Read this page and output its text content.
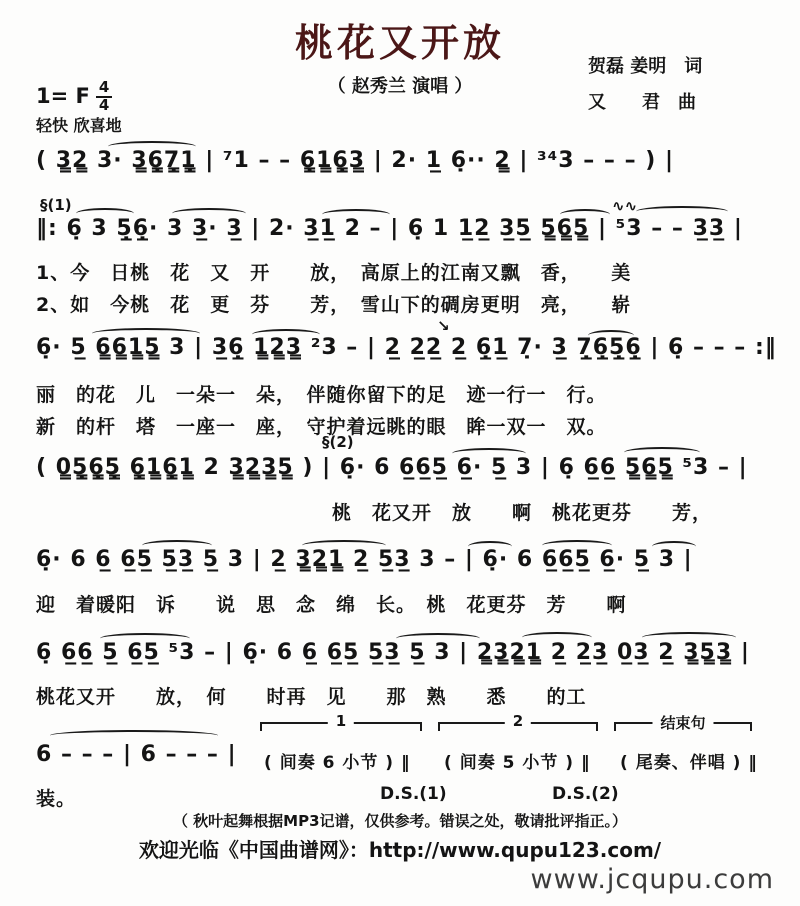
桃花又开放
（ 赵秀兰 演唱 ）
贺磊 姜明　词
又　　君　曲
1= F $\frac{4}{4}$
轻快 欣喜地
( 3̳2̳ 3· 3̳6̳̣7̳̣1̳̣ | ⁷1 – – 6̳̣1̳6̳̣3̳ | 2· 1̲ 6̣·· 2̳ | ³⁴3 – – – ) |
§(1)	∿∿
‖: 6̣ 3 5̲̣6̲̣· 3 3̲· 3̲ | 2· 3̲1̲ 2 – | 6̣ 1 1̲2̲ 3̲5̲ 5̳6̳5̳ | ⁵3 – – 3̲3̲ |
1、今　日桃　花　又　开　　放，　高原上的江南又飘　香，　　美
2、如　今桃　花　更　芬　　芳，　雪山下的碉房更明　亮，　　崭
↘
6̣· 5̲ 6̳6̳1̳5̳ 3 | 3̲6̲̣ 1̳2̳3̳ ²3 – | 2̲ 2̲2̲ 2̲ 6̲̣1̲ 7̣· 3̲ 7̲̣6̲̣5̲̣6̲̣ | 6̣ – – – :‖
丽　的花　儿　一朵一　朵，　伴随你留下的足　迹一行一　行。
新　的杆　塔　一座一　座，　守护着远眺的眼　眸一双一　双。
§(2)
( 0̳5̳̣6̳̣5̳̣ 6̳̣1̳6̳̣1̳ 2 3̳2̳3̳5̳ ) | 6̣· 6 6̲6̲5̲ 6̲· 5̲ 3 | 6̣ 6̲6̲ 5̳6̳5̳ ⁵3 – |
桃　花又开　放　　啊　桃花更芬　　芳，
6̣· 6 6̲ 6̲5̲ 5̲3̲ 5̲ 3 | 2̲ 3̳2̳1̳ 2̲ 5̲3̲ 3 – | 6̣· 6 6̲6̲5̲ 6̲· 5̲ 3 |
迎　着暖阳　诉　　说　思　念　绵　长。　桃　花更芬　芳　　啊
6̣ 6̲6̲ 5̲ 6̲5̲ ⁵3 – | 6̣· 6 6̲ 6̲5̲ 5̲3̲ 5̲ 3 | 2̳3̳2̳1̳ 2̲ 2̲3̲ 0̲3̲ 2̲ 3̳5̳3̳ |
桃花又开　　放，　何　　时再　见　　那　熟　　悉　　的工
1	2	结束句
6 – – – | 6 – – – | ( 间奏 6 小节 ) ‖ ( 间奏 5 小节 ) ‖ ( 尾奏、伴唱 ) ‖
装。	D.S.(1)	D.S.(2)
（ 秋叶起舞根据MP3记谱，仅供参考。错误之处，敬请批评指正。）
欢迎光临《中国曲谱网》：http://www.qupu123.com/
www.jcqupu.com
